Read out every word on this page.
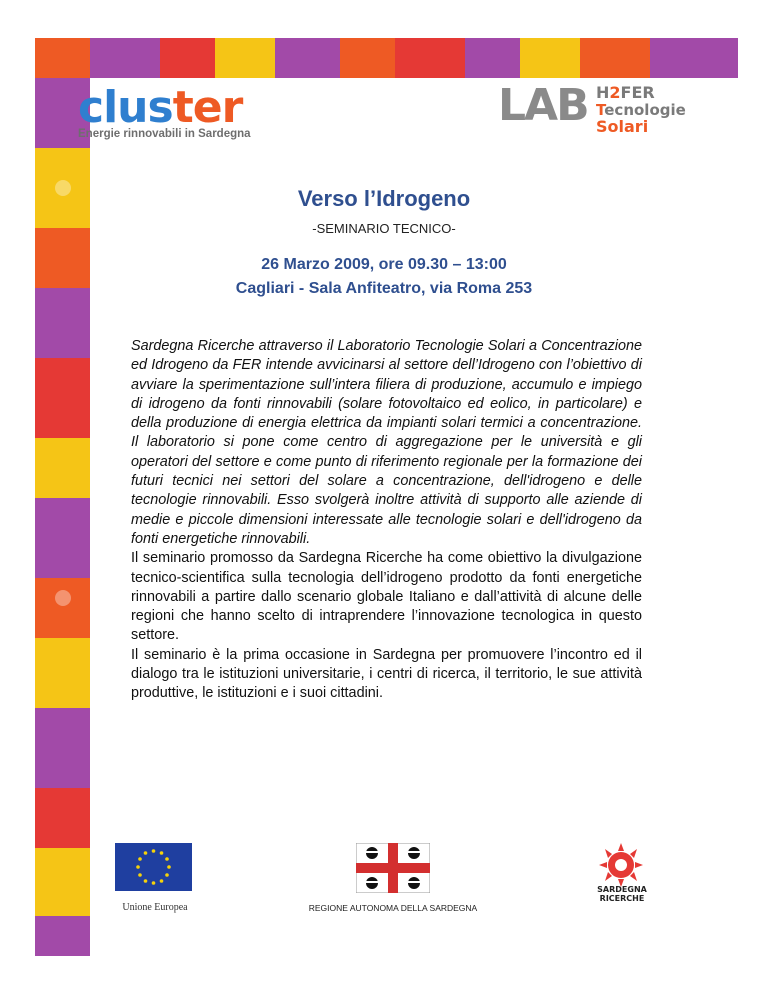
cluster
Energie rinnovabili in Sardegna
LAB H2FER
Tecnologie
Solari
Verso l’Idrogeno
-SEMINARIO TECNICO-
26 Marzo 2009, ore 09.30 – 13:00
Cagliari - Sala Anfiteatro, via Roma 253

Sardegna Ricerche attraverso il Laboratorio Tecnologie Solari a Concentrazione ed Idrogeno da FER intende avvicinarsi al settore dell’Idrogeno con l’obiettivo di avviare la sperimentazione sull’intera filiera di produzione, accumulo e impiego di idrogeno da fonti rinnovabili (solare fotovoltaico ed eolico, in particolare) e della produzione di energia elettrica da impianti solari termici a concentrazione. Il laboratorio si pone come centro di aggregazione per le università e gli operatori del settore e come punto di riferimento regionale per la formazione dei futuri tecnici nei settori del solare a concentrazione, dell'idrogeno e delle tecnologie rinnovabili. Esso svolgerà inoltre attività di supporto alle aziende di medie e piccole dimensioni interessate alle tecnologie solari e dell'idrogeno da fonti energetiche rinnovabili.

Il seminario promosso da Sardegna Ricerche ha come obiettivo la divulgazione tecnico-scientifica sulla tecnologia dell’idrogeno prodotto da fonti energetiche rinnovabili a partire dallo scenario globale Italiano e dall’attività di alcune delle regioni che hanno scelto di intraprendere l’innovazione tecnologica in questo settore.

Il seminario è la prima occasione in Sardegna per promuovere l’incontro ed il dialogo tra le istituzioni universitarie, i centri di ricerca, il territorio, le sue attività produttive, le istituzioni e i suoi cittadini.

Unione Europea	REGIONE AUTONOMA DELLA SARDEGNA
SARDEGNA
RICERCHE
